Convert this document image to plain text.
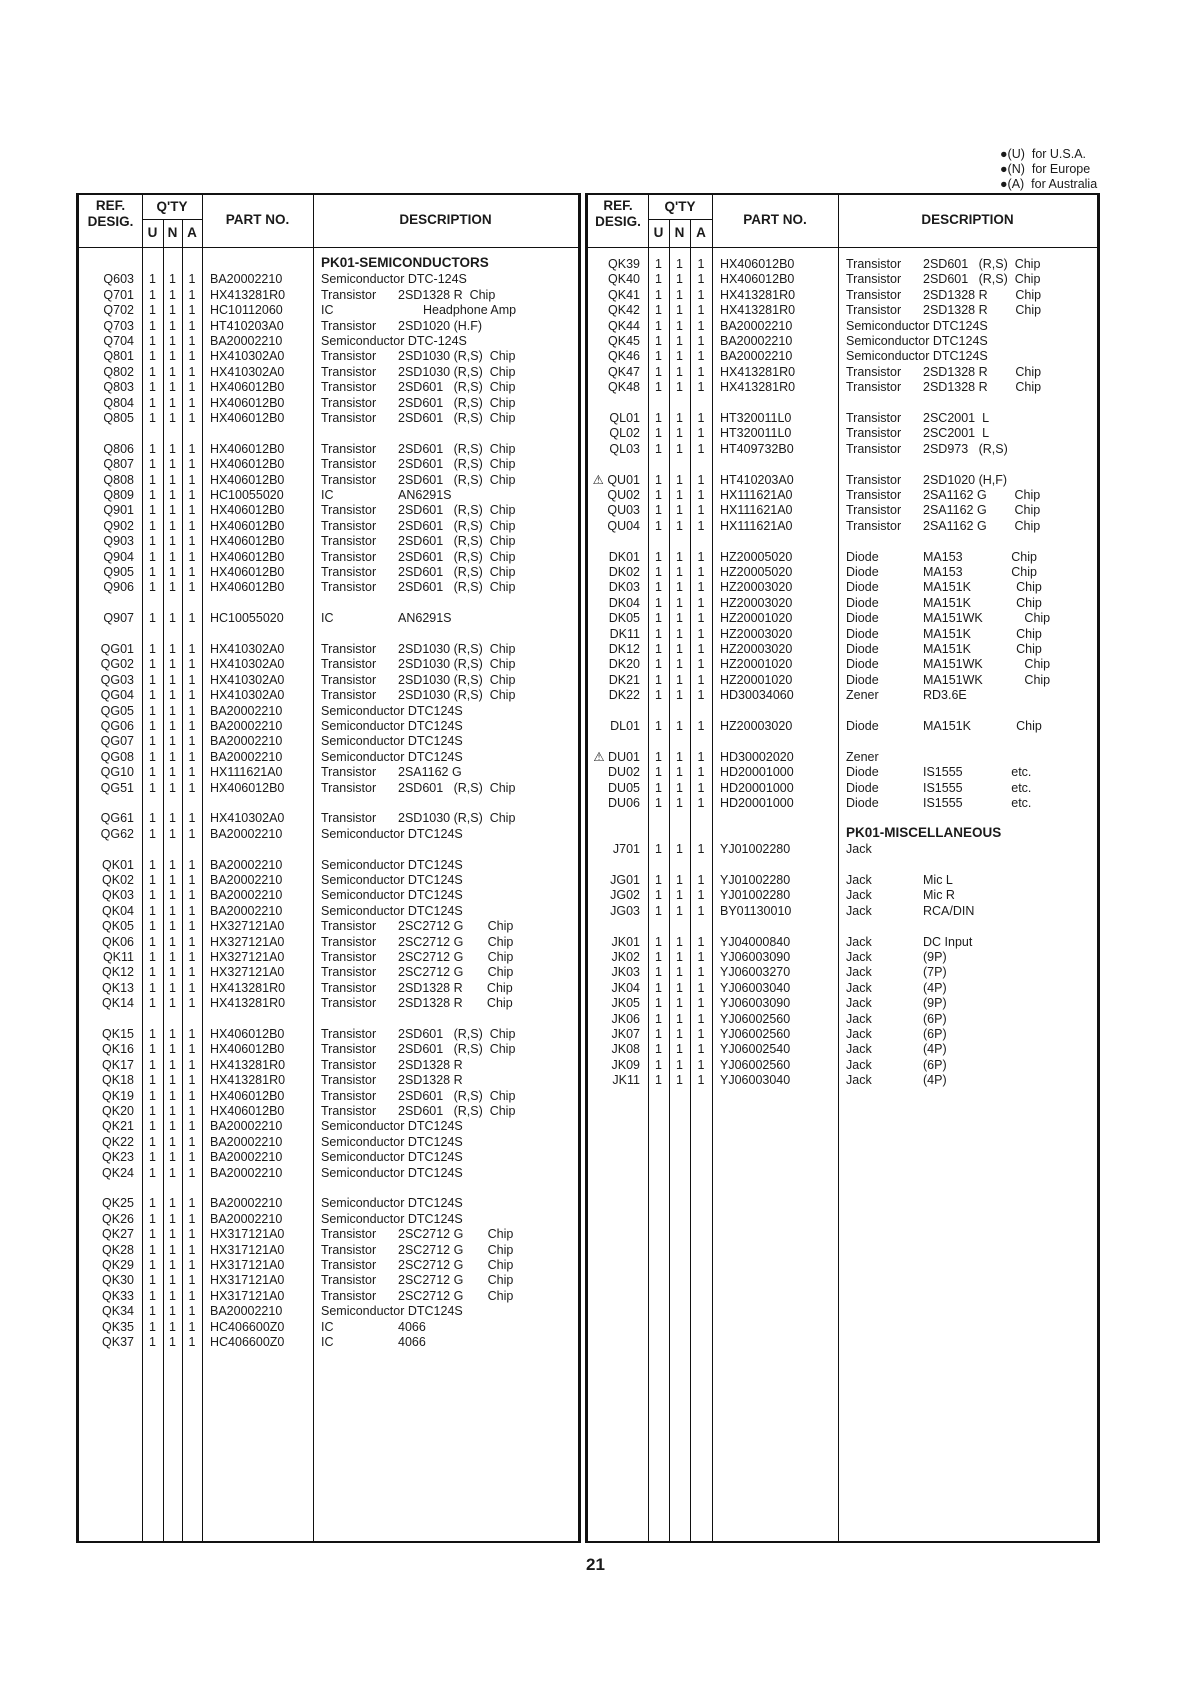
●(U)  for U.S.A.
●(N)  for Europe
●(A)  for Australia
REF.
DESIG.
Q'TY
U N A
PART NO.	DESCRIPTION
PK01-SEMICONDUCTORS
Q603	1	1	1	BA20002210	Semiconductor DTC-124S
Q701	1	1	1	HX413281R0	Transistor 2SD1328 R  Chip
Q702	1	1	1	HC10112060	IC	Headphone Amp
Q703	1	1	1	HT410203A0	Transistor 2SD1020 (H.F)
Q704	1	1	1	BA20002210	Semiconductor DTC-124S
Q801	1	1	1	HX410302A0	Transistor 2SD1030 (R,S)  Chip
Q802	1	1	1	HX410302A0	Transistor 2SD1030 (R,S)  Chip
Q803	1	1	1	HX406012B0	Transistor 2SD601   (R,S)  Chip
Q804	1	1	1	HX406012B0	Transistor 2SD601   (R,S)  Chip
Q805	1	1	1	HX406012B0	Transistor 2SD601   (R,S)  Chip
Q806	1	1	1	HX406012B0	Transistor 2SD601   (R,S)  Chip
Q807	1	1	1	HX406012B0	Transistor 2SD601   (R,S)  Chip
Q808	1	1	1	HX406012B0	Transistor 2SD601   (R,S)  Chip
Q809	1	1	1	HC10055020	IC	AN6291S
Q901	1	1	1	HX406012B0	Transistor 2SD601   (R,S)  Chip
Q902	1	1	1	HX406012B0	Transistor 2SD601   (R,S)  Chip
Q903	1	1	1	HX406012B0	Transistor 2SD601   (R,S)  Chip
Q904	1	1	1	HX406012B0	Transistor 2SD601   (R,S)  Chip
Q905	1	1	1	HX406012B0	Transistor 2SD601   (R,S)  Chip
Q906	1	1	1	HX406012B0	Transistor 2SD601   (R,S)  Chip
Q907	1	1	1	HC10055020	IC	AN6291S
QG01	1	1	1	HX410302A0	Transistor 2SD1030 (R,S)  Chip
QG02	1	1	1	HX410302A0	Transistor 2SD1030 (R,S)  Chip
QG03	1	1	1	HX410302A0	Transistor 2SD1030 (R,S)  Chip
QG04	1	1	1	HX410302A0	Transistor 2SD1030 (R,S)  Chip
QG05	1	1	1	BA20002210	Semiconductor DTC124S
QG06	1	1	1	BA20002210	Semiconductor DTC124S
QG07	1	1	1	BA20002210	Semiconductor DTC124S
QG08	1	1	1	BA20002210	Semiconductor DTC124S
QG10	1	1	1	HX111621A0	Transistor 2SA1162 G
QG51	1	1	1	HX406012B0	Transistor 2SD601   (R,S)  Chip
QG61	1	1	1	HX410302A0	Transistor 2SD1030 (R,S)  Chip
QG62	1	1	1	BA20002210	Semiconductor DTC124S
QK01	1	1	1	BA20002210	Semiconductor DTC124S
QK02	1	1	1	BA20002210	Semiconductor DTC124S
QK03	1	1	1	BA20002210	Semiconductor DTC124S
QK04	1	1	1	BA20002210	Semiconductor DTC124S
QK05	1	1	1	HX327121A0	Transistor 2SC2712 G       Chip
QK06	1	1	1	HX327121A0	Transistor 2SC2712 G       Chip
QK11	1	1	1	HX327121A0	Transistor 2SC2712 G       Chip
QK12	1	1	1	HX327121A0	Transistor 2SC2712 G       Chip
QK13	1	1	1	HX413281R0	Transistor 2SD1328 R       Chip
QK14	1	1	1	HX413281R0	Transistor 2SD1328 R       Chip
QK15	1	1	1	HX406012B0	Transistor 2SD601   (R,S)  Chip
QK16	1	1	1	HX406012B0	Transistor 2SD601   (R,S)  Chip
QK17	1	1	1	HX413281R0	Transistor 2SD1328 R
QK18	1	1	1	HX413281R0	Transistor 2SD1328 R
QK19	1	1	1	HX406012B0	Transistor 2SD601   (R,S)  Chip
QK20	1	1	1	HX406012B0	Transistor 2SD601   (R,S)  Chip
QK21	1	1	1	BA20002210	Semiconductor DTC124S
QK22	1	1	1	BA20002210	Semiconductor DTC124S
QK23	1	1	1	BA20002210	Semiconductor DTC124S
QK24	1	1	1	BA20002210	Semiconductor DTC124S
QK25	1	1	1	BA20002210	Semiconductor DTC124S
QK26	1	1	1	BA20002210	Semiconductor DTC124S
QK27	1	1	1	HX317121A0	Transistor 2SC2712 G       Chip
QK28	1	1	1	HX317121A0	Transistor 2SC2712 G       Chip
QK29	1	1	1	HX317121A0	Transistor 2SC2712 G       Chip
QK30	1	1	1	HX317121A0	Transistor 2SC2712 G       Chip
QK33	1	1	1	HX317121A0	Transistor 2SC2712 G       Chip
QK34	1	1	1	BA20002210	Semiconductor DTC124S
QK35	1	1	1	HC406600Z0	IC	4066
QK37	1	1	1	HC406600Z0	IC	4066
REF.
DESIG.
Q'TY
U N A
PART NO.	DESCRIPTION
QK39	1	1	1	HX406012B0	Transistor 2SD601   (R,S)  Chip
QK40	1	1	1	HX406012B0	Transistor 2SD601   (R,S)  Chip
QK41	1	1	1	HX413281R0	Transistor 2SD1328 R        Chip
QK42	1	1	1	HX413281R0	Transistor 2SD1328 R        Chip
QK44	1	1	1	BA20002210	Semiconductor DTC124S
QK45	1	1	1	BA20002210	Semiconductor DTC124S
QK46	1	1	1	BA20002210	Semiconductor DTC124S
QK47	1	1	1	HX413281R0	Transistor 2SD1328 R        Chip
QK48	1	1	1	HX413281R0	Transistor 2SD1328 R        Chip
QL01	1	1	1	HT320011L0	Transistor 2SC2001  L
QL02	1	1	1	HT320011L0	Transistor 2SC2001  L
QL03	1	1	1	HT409732B0	Transistor 2SD973   (R,S)
⚠ QU01	1	1	1	HT410203A0	Transistor 2SD1020 (H,F)
QU02	1	1	1	HX111621A0	Transistor 2SA1162 G        Chip
QU03	1	1	1	HX111621A0	Transistor 2SA1162 G        Chip
QU04	1	1	1	HX111621A0	Transistor 2SA1162 G        Chip
DK01	1	1	1	HZ20005020	Diode	MA153              Chip
DK02	1	1	1	HZ20005020	Diode	MA153              Chip
DK03	1	1	1	HZ20003020	Diode	MA151K             Chip
DK04	1	1	1	HZ20003020	Diode	MA151K             Chip
DK05	1	1	1	HZ20001020	Diode	MA151WK            Chip
DK11	1	1	1	HZ20003020	Diode	MA151K             Chip
DK12	1	1	1	HZ20003020	Diode	MA151K             Chip
DK20	1	1	1	HZ20001020	Diode	MA151WK            Chip
DK21	1	1	1	HZ20001020	Diode	MA151WK            Chip
DK22	1	1	1	HD30034060	Zener	RD3.6E
DL01	1	1	1	HZ20003020	Diode	MA151K             Chip
⚠ DU01	1	1	1	HD30002020	Zener
DU02	1	1	1	HD20001000	Diode	IS1555              etc.
DU05	1	1	1	HD20001000	Diode	IS1555              etc.
DU06	1	1	1	HD20001000	Diode	IS1555              etc.
PK01-MISCELLANEOUS
J701	1	1	1	YJ01002280	Jack
JG01	1	1	1	YJ01002280	Jack	Mic L
JG02	1	1	1	YJ01002280	Jack	Mic R
JG03	1	1	1	BY01130010	Jack	RCA/DIN
JK01	1	1	1	YJ04000840	Jack	DC Input
JK02	1	1	1	YJ06003090	Jack	(9P)
JK03	1	1	1	YJ06003270	Jack	(7P)
JK04	1	1	1	YJ06003040	Jack	(4P)
JK05	1	1	1	YJ06003090	Jack	(9P)
JK06	1	1	1	YJ06002560	Jack	(6P)
JK07	1	1	1	YJ06002560	Jack	(6P)
JK08	1	1	1	YJ06002540	Jack	(4P)
JK09	1	1	1	YJ06002560	Jack	(6P)
JK11	1	1	1	YJ06003040	Jack	(4P)
21
